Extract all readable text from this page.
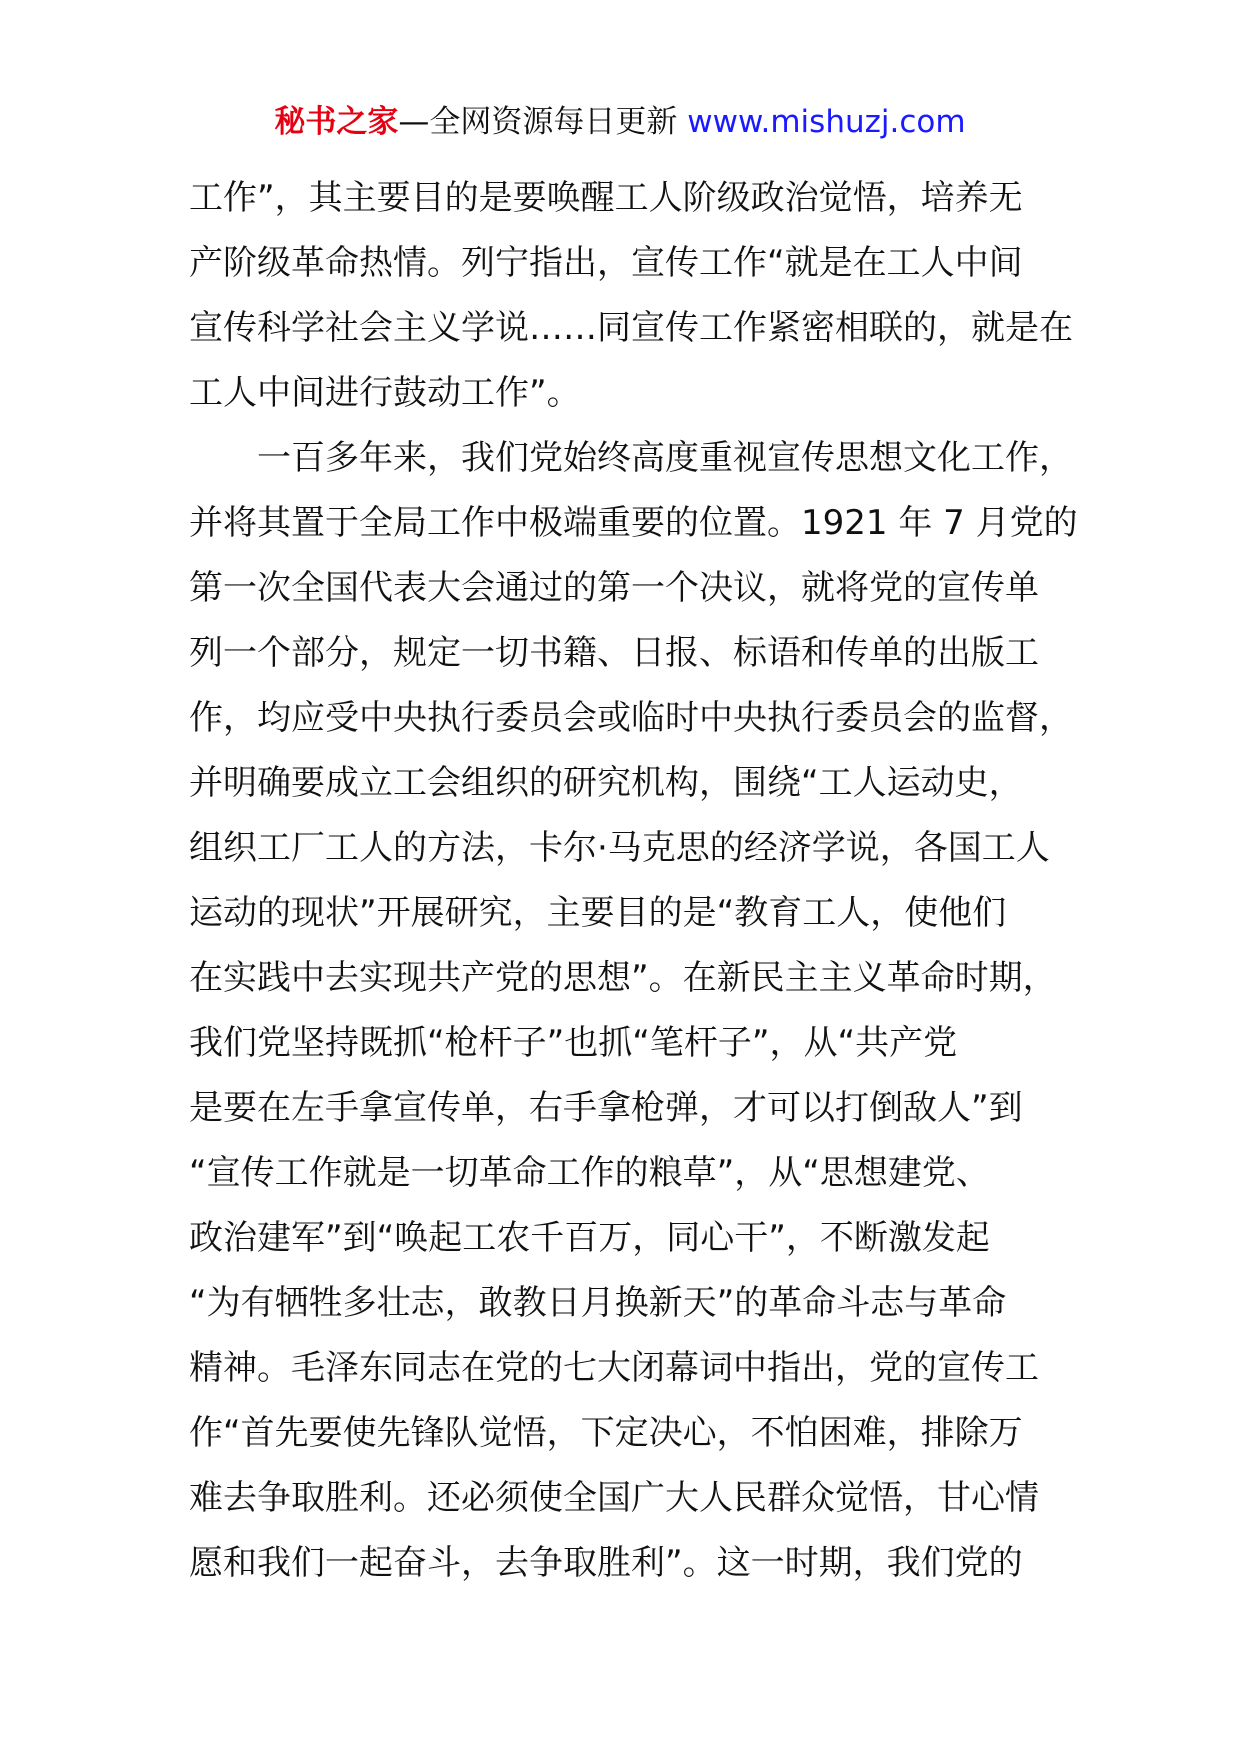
秘书之家—全网资源每日更新 www.mishuzj.com
工作”，其主要目的是要唤醒工人阶级政治觉悟，培养无
产阶级革命热情。列宁指出，宣传工作“就是在工人中间
宣传科学社会主义学说……同宣传工作紧密相联的，就是在
工人中间进行鼓动工作”。
　　一百多年来，我们党始终高度重视宣传思想文化工作，
并将其置于全局工作中极端重要的位置。1921 年 7 月党的
第一次全国代表大会通过的第一个决议，就将党的宣传单
列一个部分，规定一切书籍、日报、标语和传单的出版工
作，均应受中央执行委员会或临时中央执行委员会的监督，
并明确要成立工会组织的研究机构，围绕“工人运动史，
组织工厂工人的方法，卡尔·马克思的经济学说，各国工人
运动的现状”开展研究，主要目的是“教育工人，使他们
在实践中去实现共产党的思想”。在新民主主义革命时期，
我们党坚持既抓“枪杆子”也抓“笔杆子”，从“共产党
是要在左手拿宣传单，右手拿枪弹，才可以打倒敌人”到
“宣传工作就是一切革命工作的粮草”，从“思想建党、
政治建军”到“唤起工农千百万，同心干”，不断激发起
“为有牺牲多壮志，敢教日月换新天”的革命斗志与革命
精神。毛泽东同志在党的七大闭幕词中指出，党的宣传工
作“首先要使先锋队觉悟，下定决心，不怕困难，排除万
难去争取胜利。还必须使全国广大人民群众觉悟，甘心情
愿和我们一起奋斗，去争取胜利”。这一时期，我们党的
